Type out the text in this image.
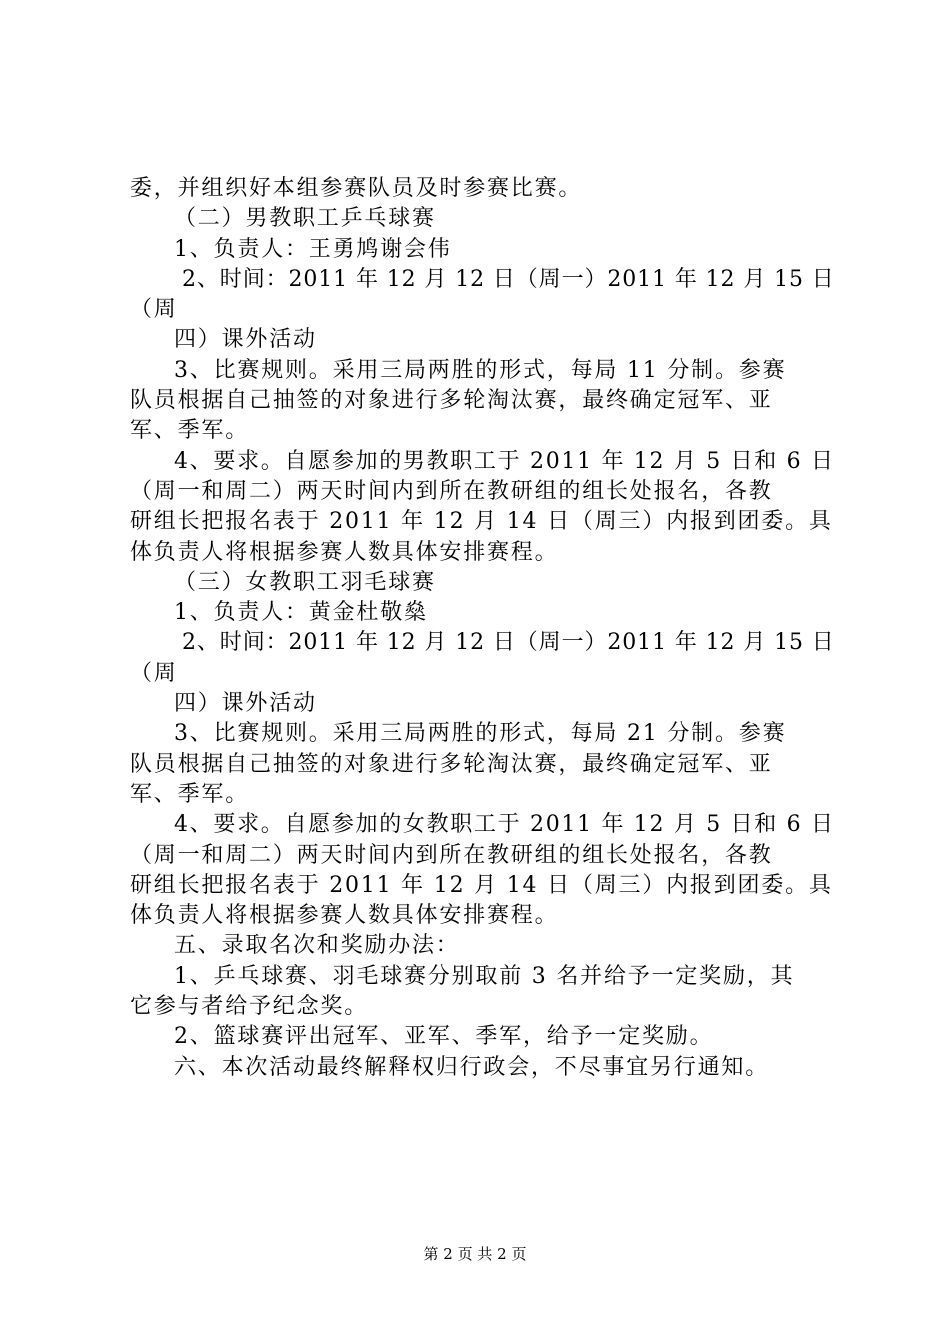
委，并组织好本组参赛队员及时参赛比赛。
（二）男教职工乒乓球赛
1、负责人：王勇鸠谢会伟
2、时间：2011 年 12 月 12 日（周一）2011 年 12 月 15 日
（周
四）课外活动
3、比赛规则。采用三局两胜的形式，每局 11 分制。参赛
队员根据自己抽签的对象进行多轮淘汰赛，最终确定冠军、亚
军、季军。
4、要求。自愿参加的男教职工于 2011 年 12 月 5 日和 6 日
（周一和周二）两天时间内到所在教研组的组长处报名，各教
研组长把报名表于 2011 年 12 月 14 日（周三）内报到团委。具
体负责人将根据参赛人数具体安排赛程。
（三）女教职工羽毛球赛
1、负责人：黄金杜敬燊
2、时间：2011 年 12 月 12 日（周一）2011 年 12 月 15 日
（周
四）课外活动
3、比赛规则。采用三局两胜的形式，每局 21 分制。参赛
队员根据自己抽签的对象进行多轮淘汰赛，最终确定冠军、亚
军、季军。
4、要求。自愿参加的女教职工于 2011 年 12 月 5 日和 6 日
（周一和周二）两天时间内到所在教研组的组长处报名，各教
研组长把报名表于 2011 年 12 月 14 日（周三）内报到团委。具
体负责人将根据参赛人数具体安排赛程。
五、录取名次和奖励办法：
1、乒乓球赛、羽毛球赛分别取前 3 名并给予一定奖励，其
它参与者给予纪念奖。
2、篮球赛评出冠军、亚军、季军，给予一定奖励。
六、本次活动最终解释权归行政会，不尽事宜另行通知。
第 2 页 共 2 页
